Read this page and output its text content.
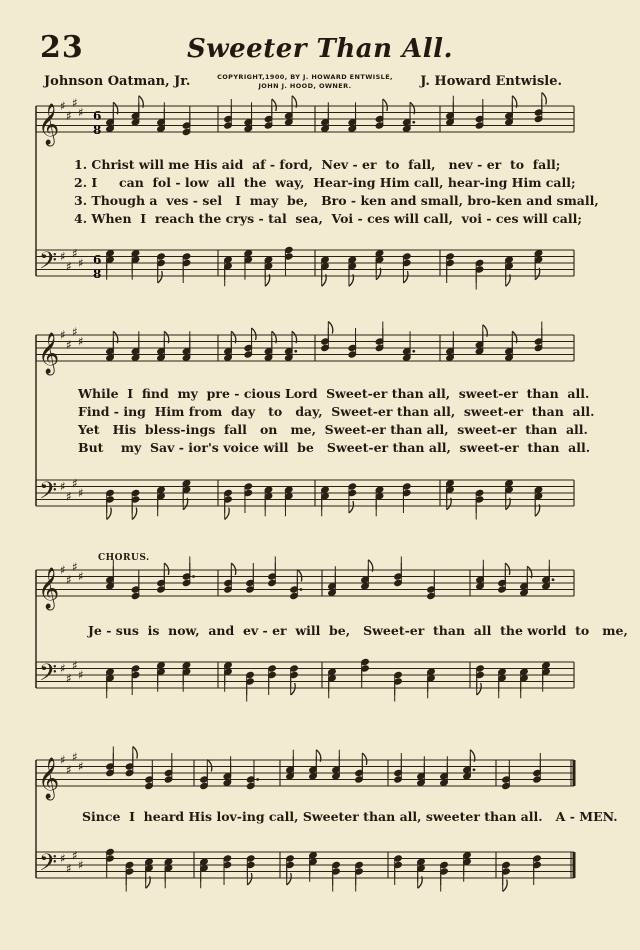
23	Sweeter Than All.
Johnson Oatman, Jr.	COPYRIGHT,1900, BY J. HOWARD ENTWISLE,
JOHN J. HOOD, OWNER.	J. Howard Entwisle.
6
8
6
8
𝄞
𝄢
♯
♯
♯
♯
♯
♯
♯
♯
𝄞
𝄢
♯
♯
♯
♯
♯
♯
♯
♯
𝄞
𝄢
♯
♯
♯
♯
♯
♯
♯
♯
𝄞
𝄢
♯
♯
♯
♯
♯
♯
♯
♯
1. Christ will me His aid  af - ford,  Nev - er  to  fall,   nev - er  to  fall;
2. I     can  fol - low  all  the  way,  Hear-ing Him call, hear-ing Him call;
3. Though a  ves - sel   I  may  be,   Bro - ken and small, bro-ken and small,
4. When  I  reach the crys - tal  sea,  Voi - ces will call,  voi - ces will call;
While  I  find  my  pre - cious Lord  Sweet-er than all,  sweet-er  than  all.
Find - ing  Him from  day   to   day,  Sweet-er than all,  sweet-er  than  all.
Yet   His  bless-ings  fall   on   me,  Sweet-er than all,  sweet-er  than  all.
But    my  Sav - ior's voice will  be   Sweet-er than all,  sweet-er  than  all.
CHORUS.
Je - sus  is  now,  and  ev - er  will  be,   Sweet-er  than  all  the world  to   me,
Since  I  heard His lov-ing call, Sweeter than all, sweeter than all.   A - MEN.
